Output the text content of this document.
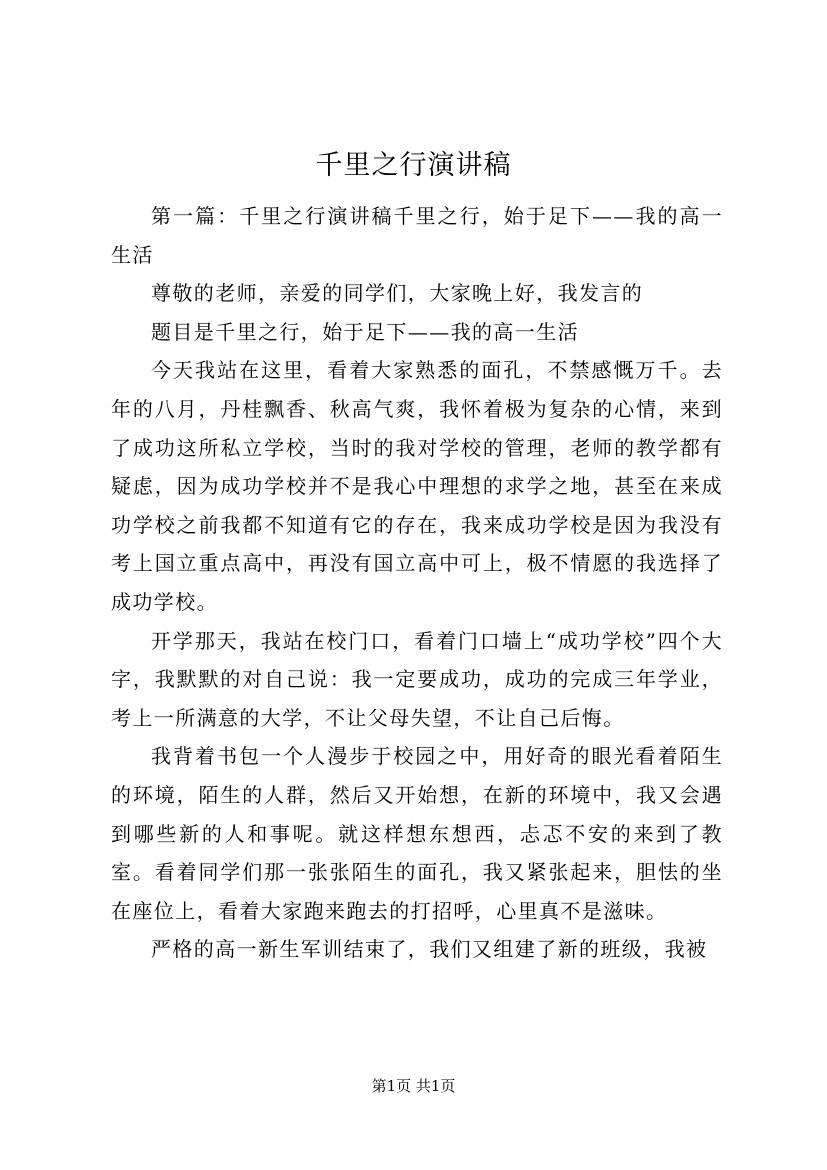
千里之行演讲稿

第一篇：千里之行演讲稿千里之行，始于足下——我的高一生活

尊敬的老师，亲爱的同学们，大家晚上好，我发言的

题目是千里之行，始于足下——我的高一生活

今天我站在这里，看着大家熟悉的面孔，不禁感慨万千。去年的八月，丹桂飘香、秋高气爽，我怀着极为复杂的心情，来到了成功这所私立学校，当时的我对学校的管理，老师的教学都有疑虑，因为成功学校并不是我心中理想的求学之地，甚至在来成功学校之前我都不知道有它的存在，我来成功学校是因为我没有考上国立重点高中，再没有国立高中可上，极不情愿的我选择了成功学校。

开学那天，我站在校门口，看着门口墙上“成功学校”四个大字，我默默的对自己说：我一定要成功，成功的完成三年学业，考上一所满意的大学，不让父母失望，不让自己后悔。

我背着书包一个人漫步于校园之中，用好奇的眼光看着陌生的环境，陌生的人群，然后又开始想，在新的环境中，我又会遇到哪些新的人和事呢。就这样想东想西，忐忑不安的来到了教室。看着同学们那一张张陌生的面孔，我又紧张起来，胆怯的坐在座位上，看着大家跑来跑去的打招呼，心里真不是滋味。

严格的高一新生军训结束了，我们又组建了新的班级，我被

第1页 共1页
